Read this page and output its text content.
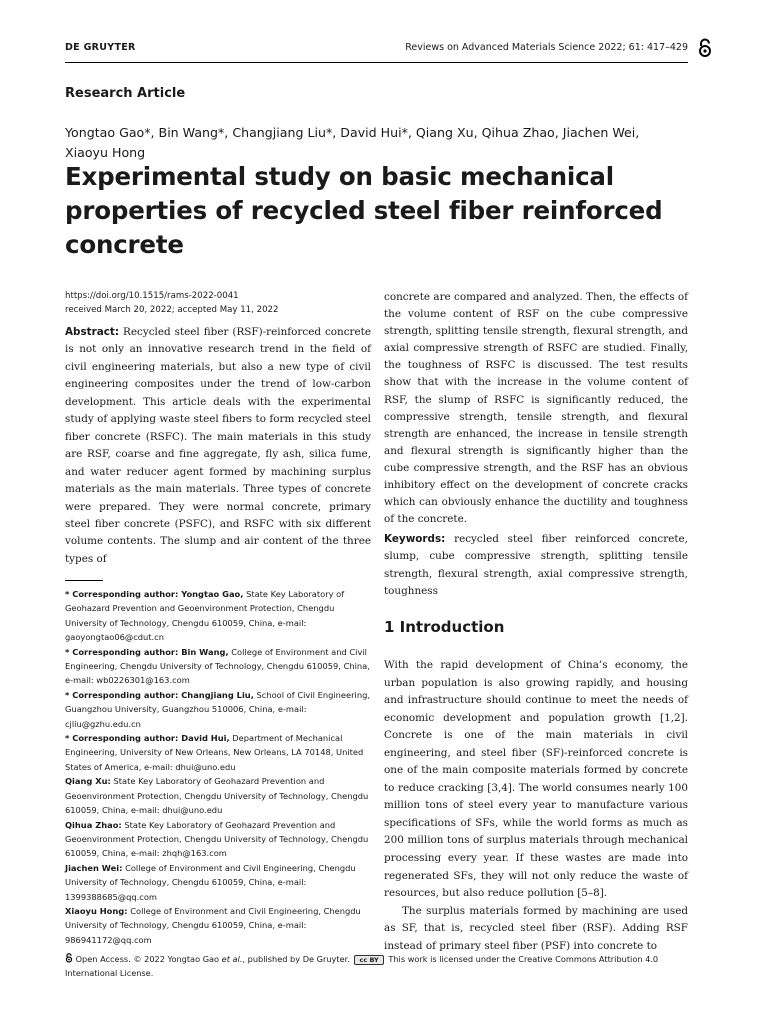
DE GRUYTER	Reviews on Advanced Materials Science 2022; 61: 417–429
Research Article
Yongtao Gao*, Bin Wang*, Changjiang Liu*, David Hui*, Qiang Xu, Qihua Zhao, Jiachen Wei,
Xiaoyu Hong
Experimental study on basic mechanical
properties of recycled steel fiber reinforced
concrete
https://doi.org/10.1515/rams-2022-0041
received March 20, 2022; accepted May 11, 2022
Abstract: Recycled steel fiber (RSF)-reinforced concrete is not only an innovative research trend in the field of civil engineering materials, but also a new type of civil engineering composites under the trend of low-carbon development. This article deals with the experimental study of applying waste steel fibers to form recycled steel fiber concrete (RSFC). The main materials in this study are RSF, coarse and fine aggregate, fly ash, silica fume, and water reducer agent formed by machining surplus materials as the main materials. Three types of concrete were prepared. They were normal concrete, primary steel fiber concrete (PSFC), and RSFC with six different volume contents. The slump and air content of the three types of
* Corresponding author: Yongtao Gao, State Key Laboratory of Geohazard Prevention and Geoenvironment Protection, Chengdu University of Technology, Chengdu 610059, China, e-mail: gaoyongtao06@cdut.cn
* Corresponding author: Bin Wang, College of Environment and Civil Engineering, Chengdu University of Technology, Chengdu 610059, China, e-mail: wb0226301@163.com
* Corresponding author: Changjiang Liu, School of Civil Engineering, Guangzhou University, Guangzhou 510006, China, e-mail: cjliu@gzhu.edu.cn
* Corresponding author: David Hui, Department of Mechanical Engineering, University of New Orleans, New Orleans, LA 70148, United States of America, e-mail: dhui@uno.edu
Qiang Xu: State Key Laboratory of Geohazard Prevention and Geoenvironment Protection, Chengdu University of Technology, Chengdu 610059, China, e-mail: dhui@uno.edu
Qihua Zhao: State Key Laboratory of Geohazard Prevention and Geoenvironment Protection, Chengdu University of Technology, Chengdu 610059, China, e-mail: zhqh@163.com
Jiachen Wei: College of Environment and Civil Engineering, Chengdu University of Technology, Chengdu 610059, China, e-mail: 1399388685@qq.com
Xiaoyu Hong: College of Environment and Civil Engineering, Chengdu University of Technology, Chengdu 610059, China, e-mail: 986941172@qq.com
concrete are compared and analyzed. Then, the effects of the volume content of RSF on the cube compressive strength, splitting tensile strength, flexural strength, and axial compressive strength of RSFC are studied. Finally, the toughness of RSFC is discussed. The test results show that with the increase in the volume content of RSF, the slump of RSFC is significantly reduced, the compressive strength, tensile strength, and flexural strength are enhanced, the increase in tensile strength and flexural strength is significantly higher than the cube compressive strength, and the RSF has an obvious inhibitory effect on the development of concrete cracks which can obviously enhance the ductility and toughness of the concrete.
Keywords: recycled steel fiber reinforced concrete, slump, cube compressive strength, splitting tensile strength, flexural strength, axial compressive strength, toughness
1 Introduction

With the rapid development of China’s economy, the urban population is also growing rapidly, and housing and infrastructure should continue to meet the needs of economic development and population growth [1,2]. Concrete is one of the main materials in civil engineering, and steel fiber (SF)-reinforced concrete is one of the main composite materials formed by concrete to reduce cracking [3,4]. The world consumes nearly 100 million tons of steel every year to manufacture various specifications of SFs, while the world forms as much as 200 million tons of surplus materials through mechanical processing every year. If these wastes are made into regenerated SFs, they will not only reduce the waste of resources, but also reduce pollution [5–8].

The surplus materials formed by machining are used as SF, that is, recycled steel fiber (RSF). Adding RSF instead of primary steel fiber (PSF) into concrete to

Open Access. © 2022 Yongtao Gao et al., published by De Gruyter. cc BY This work is licensed under the Creative Commons Attribution 4.0 International License.
